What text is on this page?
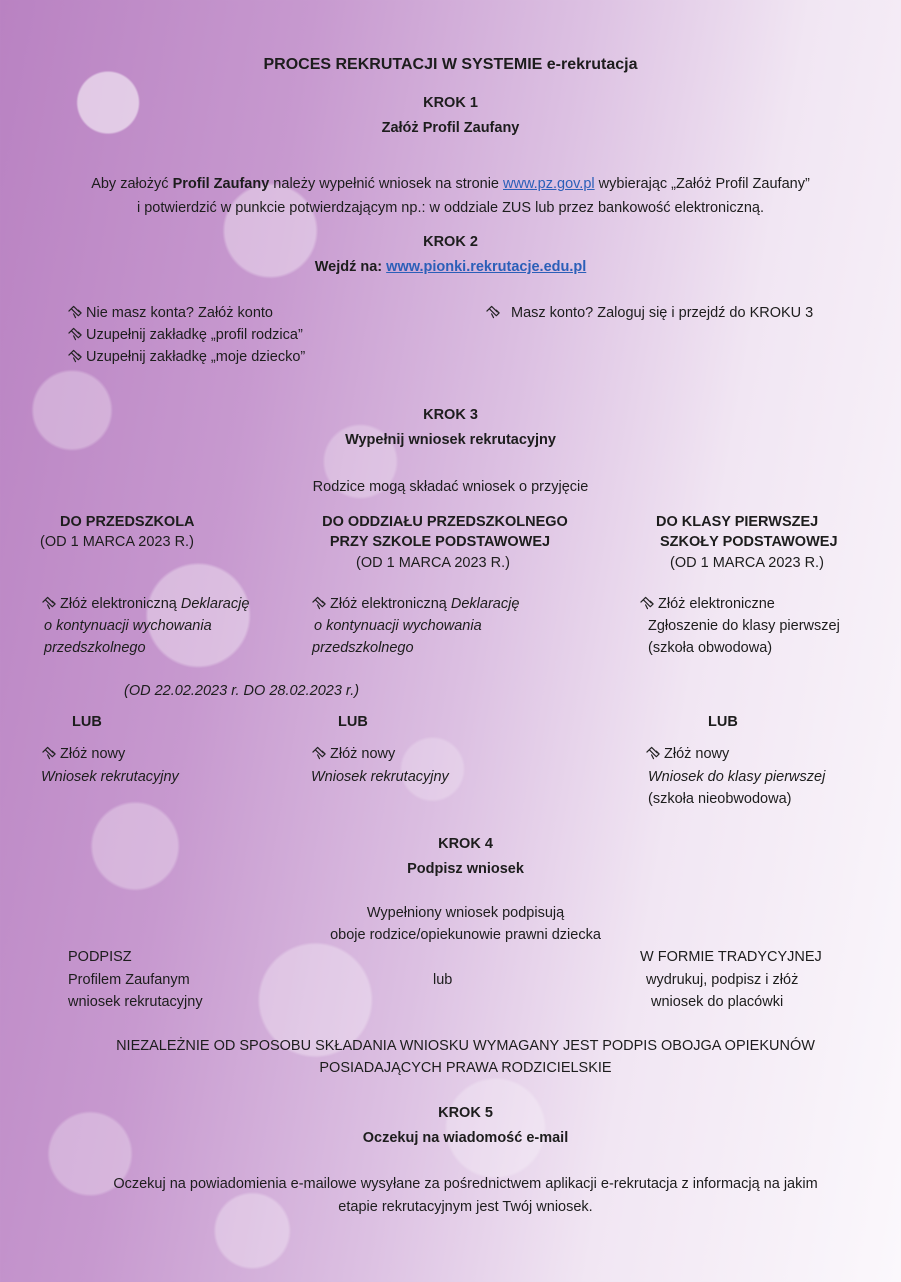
PROCES REKRUTACJI W SYSTEMIE e-rekrutacja
KROK 1
Załóż Profil Zaufany
Aby założyć Profil Zaufany należy wypełnić wniosek na stronie www.pz.gov.pl wybierając „Załóż Profil Zaufany”
i potwierdzić w punkcie potwierdzającym np.: w oddziale ZUS lub przez bankowość elektroniczną.
KROK 2
Wejdź na: www.pionki.rekrutacje.edu.pl
Nie masz konta? Załóż konto
Uzupełnij zakładkę „profil rodzica”
Uzupełnij zakładkę „moje dziecko”
Masz konto? Zaloguj się i przejdź do KROKU 3
KROK 3
Wypełnij wniosek rekrutacyjny
Rodzice mogą składać wniosek o przyjęcie
DO PRZEDSZKOLA
(OD 1 MARCA 2023 R.)
Złóż elektroniczną Deklarację
o kontynuacji wychowania
przedszkolnego
LUB
Złóż nowy
Wniosek rekrutacyjny
DO ODDZIAŁU PRZEDSZKOLNEGO
PRZY SZKOLE PODSTAWOWEJ
(OD 1 MARCA 2023 R.)
Złóż elektroniczną Deklarację
o kontynuacji wychowania
przedszkolnego
LUB
Złóż nowy
Wniosek rekrutacyjny
DO KLASY PIERWSZEJ
SZKOŁY PODSTAWOWEJ
(OD 1 MARCA 2023 R.)
Złóż elektroniczne
Zgłoszenie do klasy pierwszej
(szkoła obwodowa)
LUB
Złóż nowy
Wniosek do klasy pierwszej
(szkoła nieobwodowa)
(OD 22.02.2023 r. DO 28.02.2023 r.)
KROK 4
Podpisz wniosek
Wypełniony wniosek podpisują
oboje rodzice/opiekunowie prawni dziecka
PODPISZ
Profilem Zaufanym
wniosek rekrutacyjny
lub
W FORMIE TRADYCYJNEJ
wydrukuj, podpisz i złóż
wniosek do placówki
NIEZALEŻNIE OD SPOSOBU SKŁADANIA WNIOSKU WYMAGANY JEST PODPIS OBOJGA OPIEKUNÓW
POSIADAJĄCYCH PRAWA RODZICIELSKIE
KROK 5
Oczekuj na wiadomość e-mail
Oczekuj na powiadomienia e-mailowe wysyłane za pośrednictwem aplikacji e-rekrutacja z informacją na jakim
etapie rekrutacyjnym jest Twój wniosek.
